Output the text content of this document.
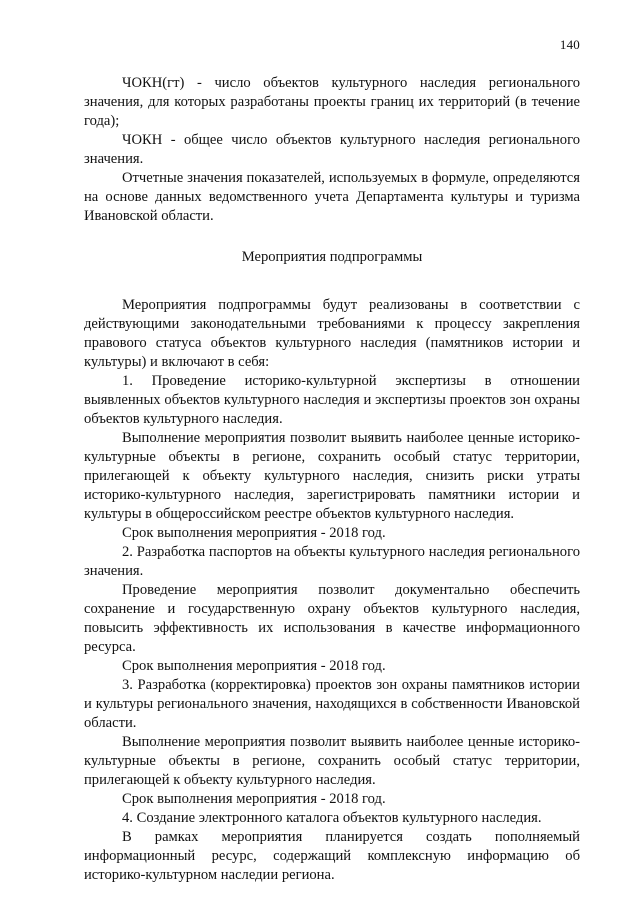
140

ЧОКН(гт) - число объектов культурного наследия регионального значения, для которых разработаны проекты границ их территорий (в течение года);

ЧОКН - общее число объектов культурного наследия регионального значения.

Отчетные значения показателей, используемых в формуле, определяются на основе данных ведомственного учета Департамента культуры и туризма Ивановской области.

Мероприятия подпрограммы

Мероприятия подпрограммы будут реализованы в соответствии с действующими законодательными требованиями к процессу закрепления правового статуса объектов культурного наследия (памятников истории и культуры) и включают в себя:

1. Проведение историко-культурной экспертизы в отношении выявленных объектов культурного наследия и экспертизы проектов зон охраны объектов культурного наследия.

Выполнение мероприятия позволит выявить наиболее ценные историко-культурные объекты в регионе, сохранить особый статус территории, прилегающей к объекту культурного наследия, снизить риски утраты историко-культурного наследия, зарегистрировать памятники истории и культуры в общероссийском реестре объектов культурного наследия.

Срок выполнения мероприятия - 2018 год.

2. Разработка паспортов на объекты культурного наследия регионального значения.

Проведение мероприятия позволит документально обеспечить сохранение и государственную охрану объектов культурного наследия, повысить эффективность их использования в качестве информационного ресурса.

Срок выполнения мероприятия - 2018 год.

3. Разработка (корректировка) проектов зон охраны памятников истории и культуры регионального значения, находящихся в собственности Ивановской области.

Выполнение мероприятия позволит выявить наиболее ценные историко-культурные объекты в регионе, сохранить особый статус территории, прилегающей к объекту культурного наследия.

Срок выполнения мероприятия - 2018 год.

4. Создание электронного каталога объектов культурного наследия.

В рамках мероприятия планируется создать пополняемый информационный ресурс, содержащий комплексную информацию об историко-культурном наследии региона.
